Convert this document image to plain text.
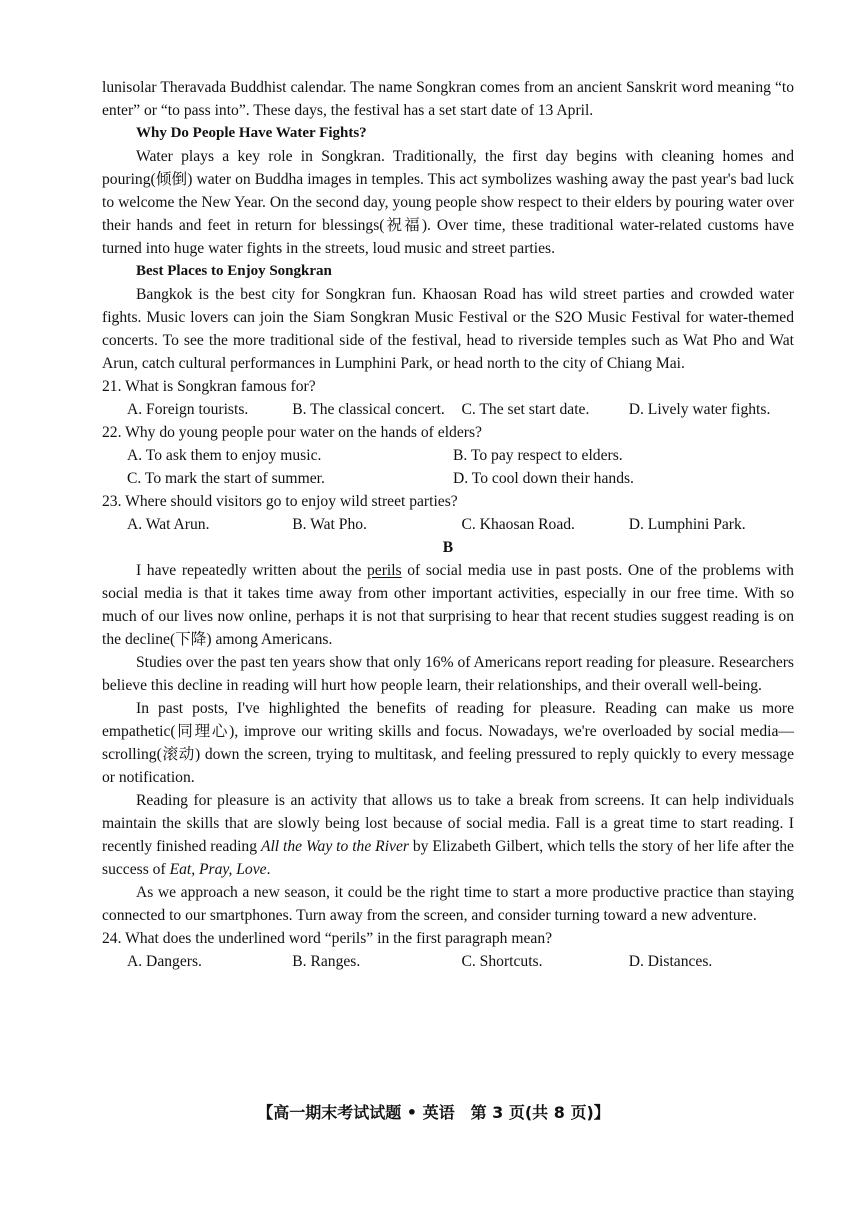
lunisolar Theravada Buddhist calendar. The name Songkran comes from an ancient Sanskrit word meaning “to enter” or “to pass into”. These days, the festival has a set start date of 13 April.

Why Do People Have Water Fights?

Water plays a key role in Songkran. Traditionally, the first day begins with cleaning homes and pouring(倾倒) water on Buddha images in temples. This act symbolizes washing away the past year's bad luck to welcome the New Year. On the second day, young people show respect to their elders by pouring water over their hands and feet in return for blessings(祝福). Over time, these traditional water-related customs have turned into huge water fights in the streets, loud music and street parties.

Best Places to Enjoy Songkran

Bangkok is the best city for Songkran fun. Khaosan Road has wild street parties and crowded water fights. Music lovers can join the Siam Songkran Music Festival or the S2O Music Festival for water-themed concerts. To see the more traditional side of the festival, head to riverside temples such as Wat Pho and Wat Arun, catch cultural performances in Lumphini Park, or head north to the city of Chiang Mai.

21. What is Songkran famous for?

A. Foreign tourists.	B. The classical concert.	C. The set start date.	D. Lively water fights.

22. Why do young people pour water on the hands of elders?

A. To ask them to enjoy music.	B. To pay respect to elders.
C. To mark the start of summer.	D. To cool down their hands.

23. Where should visitors go to enjoy wild street parties?

A. Wat Arun.	B. Wat Pho.	C. Khaosan Road.	D. Lumphini Park.
B

I have repeatedly written about the perils of social media use in past posts. One of the problems with social media is that it takes time away from other important activities, especially in our free time. With so much of our lives now online, perhaps it is not that surprising to hear that recent studies suggest reading is on the decline(下降) among Americans.

Studies over the past ten years show that only 16% of Americans report reading for pleasure. Researchers believe this decline in reading will hurt how people learn, their relationships, and their overall well-being.

In past posts, I've highlighted the benefits of reading for pleasure. Reading can make us more empathetic(同理心), improve our writing skills and focus. Nowadays, we're overloaded by social media—scrolling(滚动) down the screen, trying to multitask, and feeling pressured to reply quickly to every message or notification.

Reading for pleasure is an activity that allows us to take a break from screens. It can help individuals maintain the skills that are slowly being lost because of social media. Fall is a great time to start reading. I recently finished reading All the Way to the River by Elizabeth Gilbert, which tells the story of her life after the success of Eat, Pray, Love.

As we approach a new season, it could be the right time to start a more productive practice than staying connected to our smartphones. Turn away from the screen, and consider turning toward a new adventure.

24. What does the underlined word “perils” in the first paragraph mean?

A. Dangers.	B. Ranges.	C. Shortcuts.	D. Distances.
【高一期末考试试题 • 英语　第 3 页(共 8 页)】
